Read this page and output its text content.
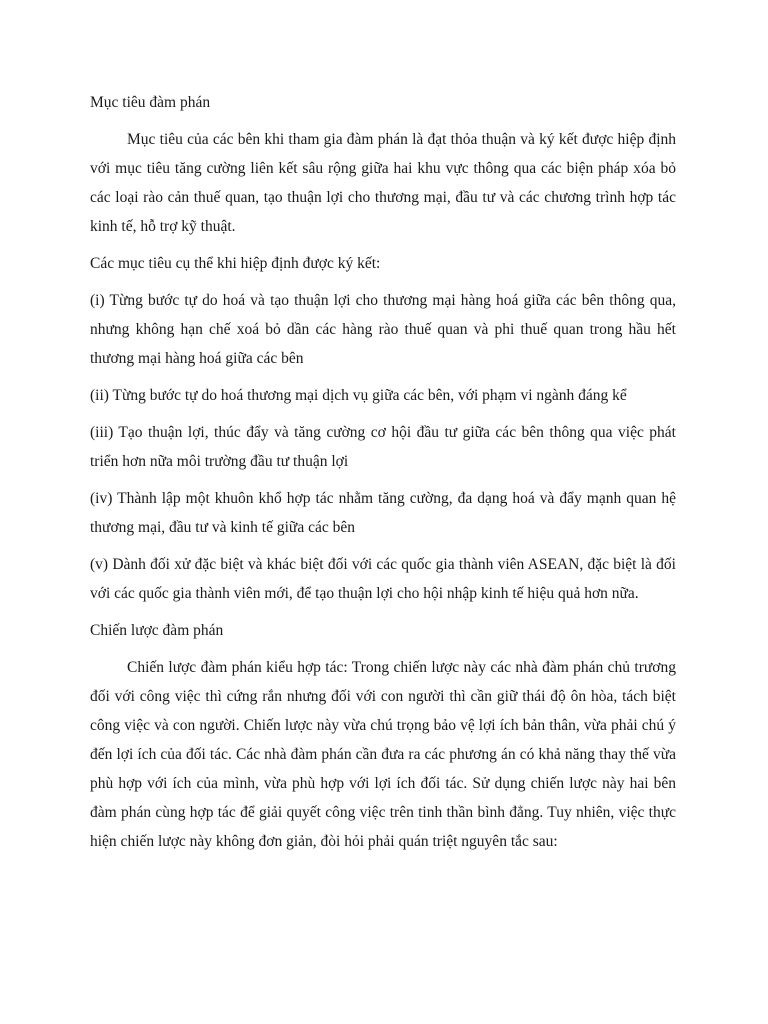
Mục tiêu đàm phán

Mục tiêu của các bên khi tham gia đàm phán là đạt thỏa thuận và ký kết được hiệp định với mục tiêu tăng cường liên kết sâu rộng giữa hai khu vực thông qua các biện pháp xóa bỏ các loại rào cản thuế quan, tạo thuận lợi cho thương mại, đầu tư và các chương trình hợp tác kinh tế, hỗ trợ kỹ thuật.

Các mục tiêu cụ thể khi hiệp định được ký kết:

(i) Từng bước tự do hoá và tạo thuận lợi cho thương mại hàng hoá giữa các bên thông qua, nhưng không hạn chế xoá bỏ dần các hàng rào thuế quan và phi thuế quan trong hầu hết thương mại hàng hoá giữa các bên

(ii) Từng bước tự do hoá thương mại dịch vụ giữa các bên, với phạm vi ngành đáng kể

(iii) Tạo thuận lợi, thúc đẩy và tăng cường cơ hội đầu tư giữa các bên thông qua việc phát triển hơn nữa môi trường đầu tư thuận lợi

(iv) Thành lập một khuôn khổ hợp tác nhằm tăng cường, đa dạng hoá và đẩy mạnh quan hệ thương mại, đầu tư và kinh tế giữa các bên

(v) Dành đối xử đặc biệt và khác biệt đối với các quốc gia thành viên ASEAN, đặc biệt là đối với các quốc gia thành viên mới, để tạo thuận lợi cho hội nhập kinh tế hiệu quả hơn nữa.

Chiến lược đàm phán

Chiến lược đàm phán kiểu hợp tác: Trong chiến lược này các nhà đàm phán chủ trương đối với công việc thì cứng rắn nhưng đối với con người thì cần giữ thái độ ôn hòa, tách biệt công việc và con người. Chiến lược này vừa chú trọng bảo vệ lợi ích bản thân, vừa phải chú ý đến lợi ích của đối tác. Các nhà đàm phán cần đưa ra các phương án có khả năng thay thế vừa phù hợp với ích của mình, vừa phù hợp với lợi ích đối tác. Sử dụng chiến lược này hai bên đàm phán cùng hợp tác để giải quyết công việc trên tinh thần bình đẳng. Tuy nhiên, việc thực hiện chiến lược này không đơn giản, đòi hỏi phải quán triệt nguyên tắc sau:
